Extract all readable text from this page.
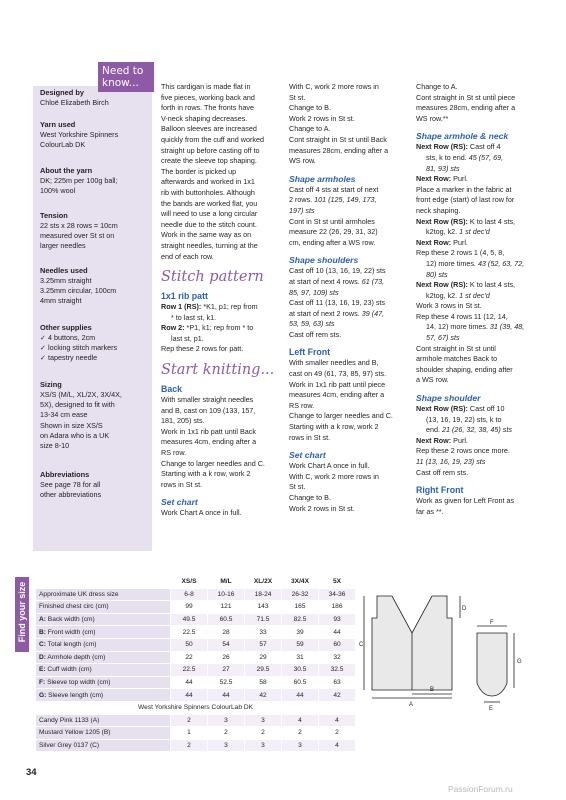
Need to
know...
Designed by

Chloë Elizabeth Birch

Yarn used

West Yorkshire Spinners

ColourLab DK

About the yarn

DK; 225m per 100g ball;

100% wool

Tension

22 sts x 28 rows = 10cm

measured over St st on

larger needles

Needles used

3.25mm straight

3.25mm circular, 100cm

4mm straight

Other supplies

✓ 4 buttons, 2cm

✓ locking stitch markers

✓ tapestry needle

Sizing

XS/S (M/L, XL/2X, 3X/4X,

5X), designed to fit with

13-34 cm ease

Shown in size XS/S

on Adara who is a UK

size 8-10

Abbreviations

See page 78 for all

other abbreviations

This cardigan is made flat in

five pieces, working back and

forth in rows. The fronts have

V-neck shaping decreases.

Balloon sleeves are increased

quickly from the cuff and worked

straight up before casting off to

create the sleeve top shaping.

The border is picked up

afterwards and worked in 1x1

rib with buttonholes. Although

the bands are worked flat, you

will need to use a long circular

needle due to the stitch count.

Work in the same way as on

straight needles, turning at the

end of each row.

Stitch pattern

1x1 rib patt

Row 1 (RS): *K1, p1; rep from

* to last st, k1.

Row 2: *P1, k1; rep from * to

last st, p1.

Rep these 2 rows for patt.

Start knitting...

Back

With smaller straight needles

and B, cast on 109 (133, 157,

181, 205) sts.

Work in 1x1 rib patt until Back

measures 4cm, ending after a

RS row.

Change to larger needles and C.

Starting with a k row, work 2

rows in St st.

Set chart

Work Chart A once in full.

With C, work 2 more rows in

St st.

Change to B.

Work 2 rows in St st.

Change to A.

Cont straight in St st until Back

measures 28cm, ending after a

WS row.

Shape armholes

Cast off 4 sts at start of next

2 rows. 101 (125, 149, 173,

197) sts

Cont in St st until armholes

measure 22 (26, 29, 31, 32)

cm, ending after a WS row.

Shape shoulders

Cast off 10 (13, 16, 19, 22) sts

at start of next 4 rows. 61 (73,

85, 97, 109) sts

Cast off 11 (13, 16, 19, 23) sts

at start of next 2 rows. 39 (47,

53, 59, 63) sts

Cast off rem sts.

Left Front

With smaller needles and B,

cast on 49 (61, 73, 85, 97) sts.

Work in 1x1 rib patt until piece

measures 4cm, ending after a

RS row.

Change to larger needles and C.

Starting with a k row, work 2

rows in St st.

Set chart

Work Chart A once in full.

With C, work 2 more rows in

St st.

Change to B.

Work 2 rows in St st.

Change to A.

Cont straight in St st until piece

measures 28cm, ending after a

WS row.**

Shape armhole & neck

Next Row (RS): Cast off 4

sts, k to end. 45 (57, 69,

81, 93) sts

Next Row: Purl.

Place a marker in the fabric at

front edge (start) of last row for

neck shaping.

Next Row (RS): K to last 4 sts,

k2tog, k2. 1 st dec'd

Next Row: Purl.

Rep these 2 rows 1 (4, 5, 8,

12) more times. 43 (52, 63, 72,

80) sts

Next Row (RS): K to last 4 sts,

k2tog, k2. 1 st dec'd

Work 3 rows in St st.

Rep these 4 rows 11 (12, 14,

14, 12) more times. 31 (39, 48,

57, 67) sts

Cont straight in St st until

armhole matches Back to

shoulder shaping, ending after

a WS row.

Shape shoulder

Next Row (RS): Cast off 10

(13, 16, 19, 22) sts, k to

end. 21 (26, 32, 38, 45) sts

Next Row: Purl.

Rep these 2 rows once more.

11 (13, 16, 19, 23) sts

Cast off rem sts.

Right Front

Work as given for Left Front as

far as **.

Find your size
		XS/S	M/L	XL/2X	3X/4X	5X
Approximate UK dress size	6-8	10-16	18-24	26-32	34-36
Finished chest circ (cm)	99	121	143	165	186
A: Back width (cm)	49.5	60.5	71.5	82.5	93
B: Front width (cm)	22.5	28	33	39	44
C: Total length (cm)	50	54	57	59	60
D: Armhole depth (cm)	22	26	29	31	32
E: Cuff width (cm)	22.5	27	29.5	30.5	32.5
F: Sleeve top width (cm)	44	52.5	58	60.5	63
G: Sleeve length (cm)	44	44	42	44	42
West Yorkshire Spinners ColourLab DK					
Candy Pink 1133 (A)	2	3	3	4	4
Mustard Yellow 1205 (B)	1	2	2	2	2
Silver Grey 0137 (C)	2	3	3	3	4
C
A
B
D
F
G
E
34
PassionForum.ru
